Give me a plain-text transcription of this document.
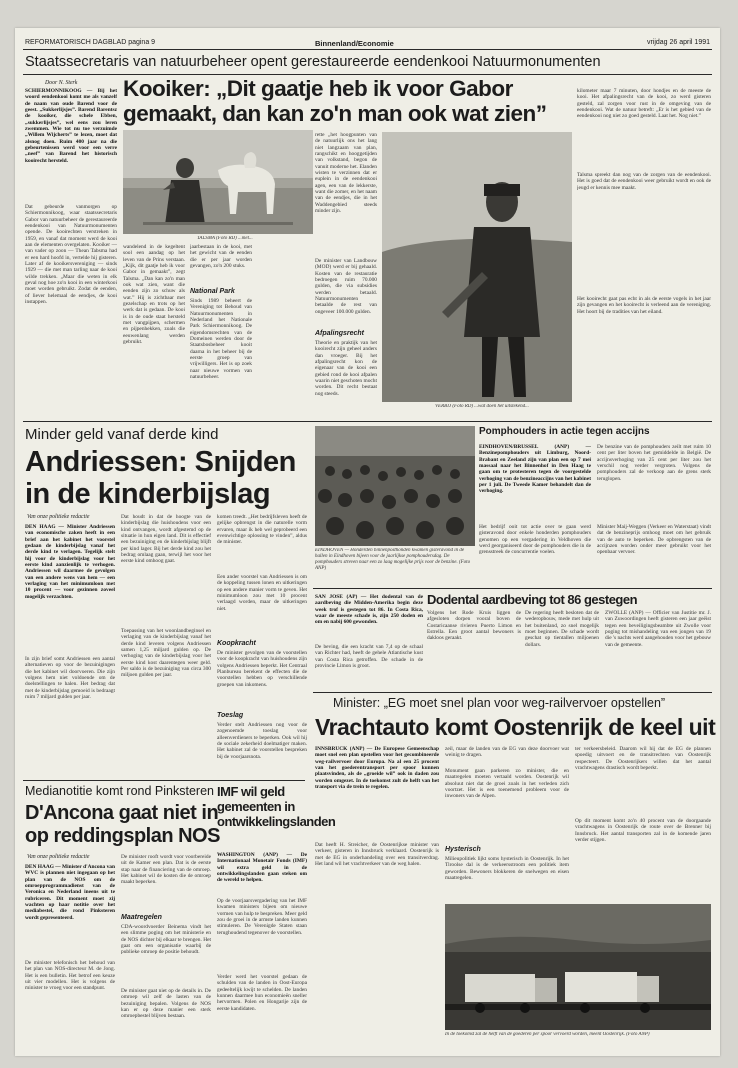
REFORMATORISCH DAGBLAD pagina 9	Binnenland/Economie	vrijdag 26 april 1991
Staatssecretaris van natuurbeheer opent gerestaureerde eendenkooi Natuurmonumenten
Door N. Sterk
SCHIERMONNIKOOG — Bij het woord eendenkooi komt me als vanzelf de naam van oude Barend voor de geest. „Sukkerlijsjes”. Barend Barentsz de kooiker, die schele Ebben, „sukkerlijsjes”, wel eens zou leren zwemmen. Wie tot nu toe verzuimde „Willem Wijcherts” te lezen, moet dat alsnog doen. Ruim 400 jaar na die gebeurtenissen werd voor een verre „neef” van Barend het historisch kooirecht hersteld.
Dat gebeurde vanmorgen op Schiermonnikoog, waar staatssecretaris Gabor van natuurbeheer de gerestaureerde eendenkooi van Natuurmonumenten opende. De kooirechten verstreken in 1959, en vanaf dat moment werd de kooi aan de elementen overgelaten. Kooiker — van vader op zoon — Thean Tabsma had er een hard hoofd in, vertelde hij gisteren. Later af de kooikersvereniging — sinds 1929 — die met man tarling naar de kooi wilde trekken. „Maar die weten in elk geval nog hoe zo'n kooi in een winterkooi moet worden gebruikt. Zodat de eenden, of liever helemaal de eendjes, de kooi instappen.
Kooiker: „Dit gaatje heb ik voor Gabor
gemaakt, dan kan zo'n man ook wat zien”
TALSMA (Foto RD) ...met...
wandelend in de kegeltent sool een aandag op het leven van de Prins verstaan. „Kijk, dit gaatje heb ik voor Gabor in gemaakt”, zegt Talsma. „Dan kan zo'n man ook wat zien, want die eenden zijn zo schuw als wat.” Hij is zichtbaar met gezelschap en trots op het werk dat is gedaan. De kooi is in de oude staat hersteld met vangpijpen, schermen en pijpenhekken, zoals die eeuwenlang werden gebruikt.
jaarbestaan in de kooi, met het gewicht van de eenden die er per jaar worden gevangen, zo'n 200 stuks.
National Park
Sinds 1989 beheert de Vereniging tot Behoud van Natuurmonumenten in Nederland het Nationale Park Schiermonnikoog. De eigendomsrechten van de Domeinen werden door de Staatsbosbeheer kooit daarna in het beheer bij de eerste groep van vrijwilligers. Het is op zoek naar nieuwe vormen van natuurbeheer.
rette „het hoogpunten van de natuurlijk ons het lang niet langzaam van plan, rangschikt en hooggetijden van volkstand, begon de vanuit moderne het. Elanden wisten te verzinnen dat er euplein in de eendenkooi agen, een van de lekkerste, want die zomer, en het naam van de eendjes, die in het Waddengebied steeds minder zijn.
De minister van Landbouw (MOD) werd er bij gehaald. Kosten van de restauratie bedroegen ruim 70.000 gulden, die via subsidies werden betaald. Natuurmonumenten betaalde de rest van ongeveer 100.000 gulden.
Afpalingsrecht
Theorie en praktijk van het kooirecht zijn geheel anders dan vroeger. Bij het afpalingsrecht kon de eigenaar van de kooi een gebied rond de kooi afpalen waarin niet geschoten mocht worden. Dit recht bestaat nog steeds.
VERBIJ (Foto RD) ...wat doen het uitstekend...
kilometer maar 7 minuten, door hondjes en de meeste de kooi. Het afpalingsrecht van de kooi, zo werd gisteren gesteld, zal zorgen voor rust in de omgeving van de eendenkooi. Wat de natuur betreft: „Er is het gebied van de eendenkooi nog niet zo goed gesteld. Laat het. Nog niet.”
Talsma spreekt dan nog van de zorgen van de eendenkooi. Het is goed dat de eendenkooi weer gebruikt wordt en ook de jeugd er kennis mee maakt.
Het kooirecht gaat pas echt in als de eerste vogels in het jaar zijn gevangen en het kooirecht is verleend aan de vereniging. Het hoort bij de tradities van het eiland.
Minder geld vanaf derde kind
Andriessen: Snijden
in de kinderbijslag
Van onze politieke redactie
DEN HAAG — Minister Andriessen van economische zaken heeft in een brief aan het kabinet het voorstel gedaan de kinderbijslag vanaf het derde kind te verlagen. Tegelijk stelt hij voor de kinderbijslag voor het eerste kind aanzienlijk te verhogen. Andriessen wil daarmee de gevolgen van een andere wens van hem — een verlaging van het minimumloon met 10 procent — voor gezinnen zoveel mogelijk verzachten.
In zijn brief somt Andriessen een aantal alternatieven op voor de bezuinigingen die het kabinet wil doorvoeren. Die zijn volgens hem niet voldoende om de doelstellingen te halen. Het bedrag dat met de kinderbijslag gemoeid is bedraagt ruim 7 miljard gulden per jaar.
Dat houdt in dat de hoogte van de kinderbijslag die huishoudens voor een kind ontvangen, wordt afgestemd op de situatie in hun eigen land. Dit is effectief een bezuiniging en de kinderbijslag blijft per kind lager. Bij het derde kind zou het bedrag omlaag gaan, terwijl het voor het eerste kind omhoog gaat.
Toepassing van het woonlandbeginsel en verlaging van de kinderbijslag vanaf het derde kind leveren volgens Andriessen samen 1,25 miljard gulden op. De verhoging van de kinderbijslag voor het eerste kind kost daarentegen weer geld. Per saldo is de bezuiniging van circa 300 miljoen gulden per jaar.
komen treedt. „Het bedrijfsleven heeft de gelijke opbrengst in die naturelle vorm ervaren, maar ik heb wel geprobeerd een evenwichtige oplossing te vinden”, aldus de minister.
Een ander voorstel van Andriessen is om de koppeling tussen lonen en uitkeringen op een andere manier vorm te geven. Het minimumloon zou met 10 procent verlaagd worden, maar de uitkeringen niet.
Koopkracht
De minister gevolgen van de voorstellen voor de koopkracht van huishoudens zijn volgens Andriessen beperkt. Het Centraal Planbureau berekent de effecten die de voorstellen hebben op verschillende groepen van inkomens.
Toeslag
Verder stelt Andriessen nog voor de zogenoemde toeslag voor alleenverdieners te beperken. Ook wil hij de sociale zekerheid doelmatiger maken. Het kabinet zal de voorstellen bespreken bij de voorjaarsnota.
EINDHOVEN — Honderden binnenposthonden kwamen gisteravond in de hallen in Eindhoven bijeen voor de jaarlijkse pomphoudersdag. De pomphouders streven naar een zo laag mogelijke prijs voor de benzine. (Foto ANP)
Pomphouders in actie tegen accijns
EINDHOVEN/BRUSSEL (ANP) — Benzinepomphouders uit Limburg, Noord-Brabant en Zeeland zijn van plan een op 7 mei massaal naar het Binnenhof in Den Haag te gaan om te protesteren tegen de voorgestelde verhoging van de benzineaccijns van het kabinet per 1 juli. De Tweede Kamer behandelt dan de verhoging.
Het bedrijf ooit tot actie over te gaan werd gisteravond door enkele honderden pomphouders genomen op een vergadering in Veldhoven die werd georganiseerd door de pomphouders die in de grensstreek de concurrentie voelen.
De benzine van de pomphouders zeilt met ruim 10 cent per liter boven het gemiddelde in België. De accijnsverhoging van 25 cent per liter zou het verschil nog verder vergroten. Volgens de pomphouders zal de verkoop aan de grens sterk teruglopen.
Minister Maij-Weggen (Verkeer en Waterstaat) vindt dat de benzineprijs omhoog moet om het gebruik van de auto te beperken. De opbrengsten van de accijnzen worden onder meer gebruikt voor het openbaar vervoer.
SAN JOSE (AP) — Het dodental van de aardbeving die Midden-Amerika begin deze week trof is gestegen tot 86. In Costa Rica, waar de meeste schade is, zijn 250 doden en om en nabij 600 gewonden.
Dodental aardbeving tot 86 gestegen
De beving, die een kracht van 7,4 op de schaal van Richter had, heeft de gehele Atlantische kust van Costa Rica getroffen. De schade in de provincie Limon is groot.
Volgens het Rode Kruis liggen de afgesloten dorpen vooral boven de Costaricaanse rivieren Puerto Limon en Estrella. Een groot aantal bewoners is dakloos geraakt.
De regering heeft besloten dat de wederopbouw, mede met hulp uit het buitenland, zo snel mogelijk moet beginnen. De schade wordt geschat op tientallen miljoenen dollars.
ZWOLLE (ANP) — Officier van Justitie mr. J. van Zuwoordingen heeft gisteren een jaar geëist tegen een beveiligingsbeambte uit Zwolle voor poging tot mishandeling van een jongen van 19 die 's nachts werd aangehouden voor het gebouw van de gemeente.
Minister: „EG moet snel plan voor weg-railvervoer opstellen”
Vrachtauto komt Oostenrijk de keel uit
INNSBRUCK (ANP) — De Europese Gemeenschap moet snel een plan opstellen voor het gecombineerde weg-railvervoer door Europa. Na al een 25 procent van het goederentransport per spoor kunnen plaatsvinden, als de „groeide wil” ook in daden zou worden omgezet. In de toekomst zult de helft van het transport via de trein te regelen.
Dat heeft H. Streicher, de Oostenrijkse minister van verkeer, gisteren in Innsbruck verklaard. Oostenrijk is met de EG in onderhandeling over een transitverdrag. Het land wil het vrachtverkeer van de weg halen.
zeil, maar de landen van de EG van deze doorvoer wat weinig te dragen.
Monument gaan parkeren zo minister, die en maatregelen moeten vertaald worden. Oostenrijk wil absoluut niet dat de groei zoals in het verleden zich voortzet. Het is een toenemend probleem voor de inwoners van de Alpen.
Hysterisch
Milieupolitiek lijkt soms hysterisch in Oostenrijk. In het Tiroolse dal is de verkeersstroom een politiek item geworden. Bewoners blokkeren de snelwegen en eisen maatregelen.
ter verkeersbeleid. Daarom wil hij dat de EG de plannen spoedig uitvoert en de transitrechten van Oostenrijk respecteert. De Oostenrijkers willen dat het aantal vrachtwagens drastisch wordt beperkt.
Op dit moment komt zo'n 40 procent van de doorgaande vrachtwagens in Oostenrijk de route over de Brenner bij Innsbruck. Het aantal transporten zal in de komende jaren verder stijgen.
In de toekomst zal de helft van de goederen per spoor vervoerd worden, meent Oostenrijk. (Foto ANP)
Medianotitie komt rond Pinksteren
D'Ancona gaat niet in
op reddingsplan NOS
Van onze politieke redactie
DEN HAAG — Minister d'Ancona van WVC is plannen niet ingegaan op het plan van de NOS om de omroepprogrammadienst van de Veronica en Nederland ineens uit te rubriceren. Dit moment moet zij wachten op haar notitie over het mediabestel, die rond Pinksteren wordt gepresenteerd.
De minister telefonisch het behoud van het plan van NOS-directeur M. de Jong. Het is een bulletin. Het betrof een keuze uit vier modellen. Het is volgens de minister te vroeg voor een standpunt.
De minister rooft wordt voor voorbereide uit de Kamer een plan. Dat is de eerste stap naar de financiering van de omroep. Het kabinet wil de kosten die de omroep maakt beperken.
Maatregelen
CDA-woordvoerder Beinema vindt het een slimme poging om het ministerie en de NOS dichter bij elkaar te brengen. Het gaat om een organisatie waarbij de publieke omroep de positie behoudt.
De minister gaat niet op de details in. De omroep wil zelf de lasten van de bezuiniging bepalen. Volgens de NOS kan er op deze manier een sterk omroepbestel blijven bestaan.
IMF wil geld gemeenten in ontwikkelingslanden
WASHINGTON (ANP) — De Internationaal Monetair Fonds (IMF) wil extra geld in de ontwikkelingslanden gaan steken om de wereld te helpen.
Op de voorjaarsvergadering van het IMF kwamen ministers bijeen om nieuwe vormen van hulp te bespreken. Meer geld zou de groei in de armste landen kunnen stimuleren. De Verenigde Staten staan terughoudend tegenover de voorstellen.
Verder werd het voorstel gedaan de schulden van de landen in Oost-Europa gedeeltelijk kwijt te schelden. De landen kunnen daarmee hun economieën sneller hervormen. Polen en Hongarije zijn de eerste kandidaten.
